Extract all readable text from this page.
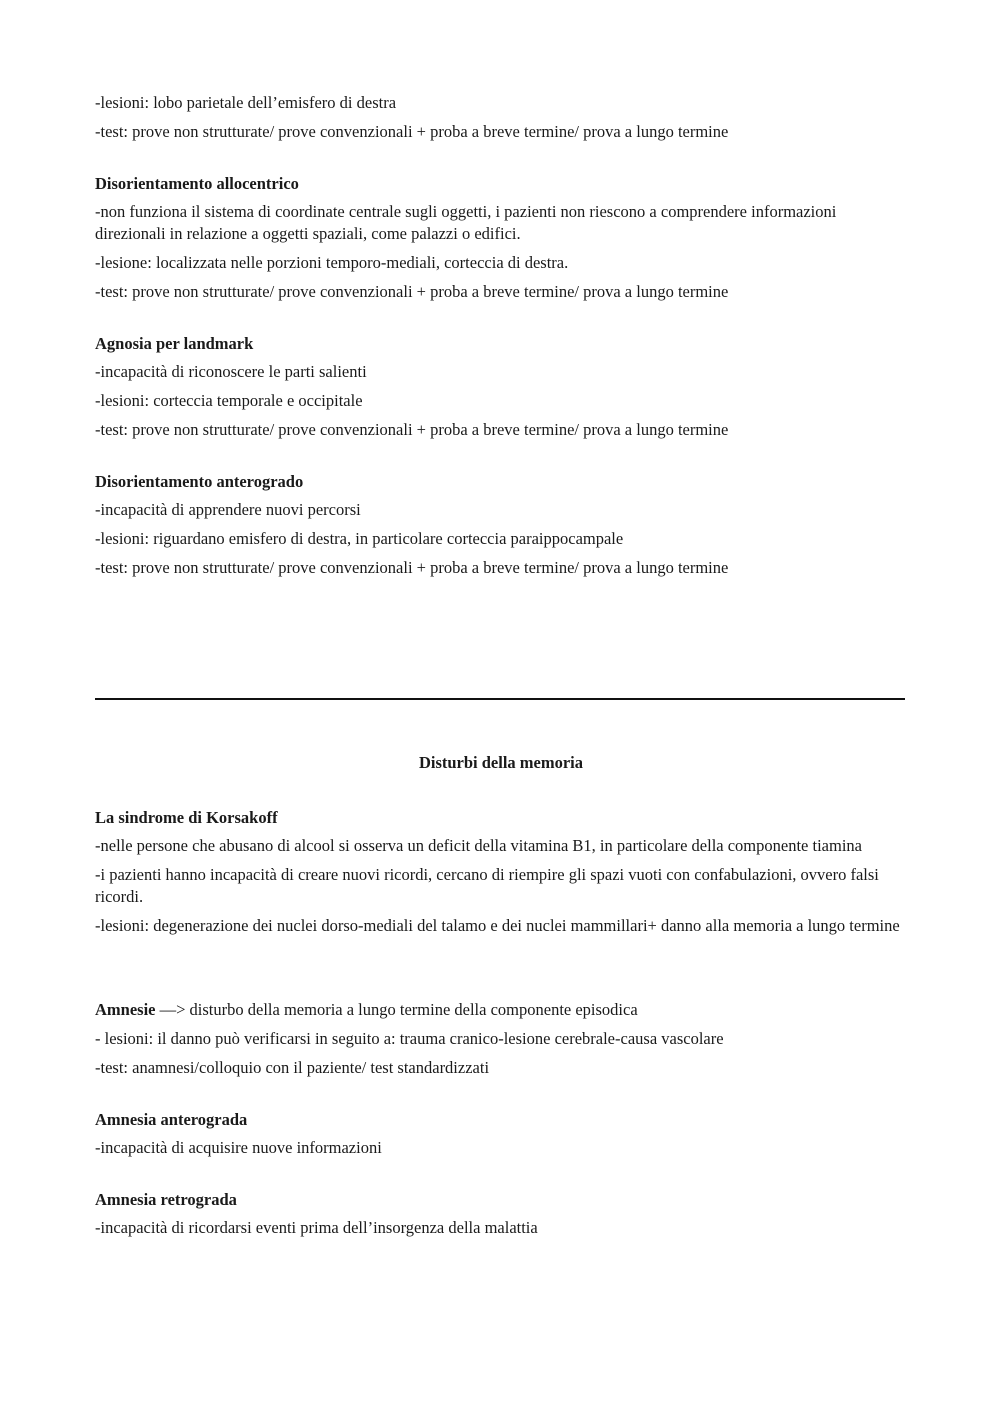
-lesioni: lobo parietale dell’emisfero di destra

-test: prove non strutturate/ prove convenzionali + proba a breve termine/ prova a lungo termine

Disorientamento allocentrico

-non funziona il sistema di coordinate centrale sugli oggetti, i pazienti non riescono a comprendere informazioni direzionali in relazione a oggetti spaziali, come palazzi o edifici.

-lesione: localizzata nelle porzioni temporo-mediali, corteccia di destra.

-test: prove non strutturate/ prove convenzionali + proba a breve termine/ prova a lungo termine

Agnosia per landmark

-incapacità di riconoscere le parti salienti

-lesioni: corteccia temporale e occipitale

-test: prove non strutturate/ prove convenzionali + proba a breve termine/ prova a lungo termine

Disorientamento anterogrado

-incapacità di apprendere nuovi percorsi

-lesioni: riguardano emisfero di destra, in particolare corteccia paraippocampale

-test: prove non strutturate/ prove convenzionali + proba a breve termine/ prova a lungo termine

Disturbi della memoria

La sindrome di Korsakoff

-nelle persone che abusano di alcool si osserva un deficit della vitamina B1, in particolare della componente tiamina

-i pazienti hanno incapacità di creare nuovi ricordi, cercano di riempire gli spazi vuoti con confabulazioni, ovvero falsi ricordi.

-lesioni: degenerazione dei nuclei dorso-mediali del talamo e dei nuclei mammillari+ danno alla memoria a lungo termine

Amnesie —> disturbo della memoria a lungo termine della componente episodica

- lesioni: il danno può verificarsi in seguito a: trauma cranico-lesione cerebrale-causa vascolare

-test: anamnesi/colloquio con il paziente/ test standardizzati

Amnesia anterograda

-incapacità di acquisire nuove informazioni

Amnesia retrograda

-incapacità di ricordarsi eventi prima dell’insorgenza della malattia
